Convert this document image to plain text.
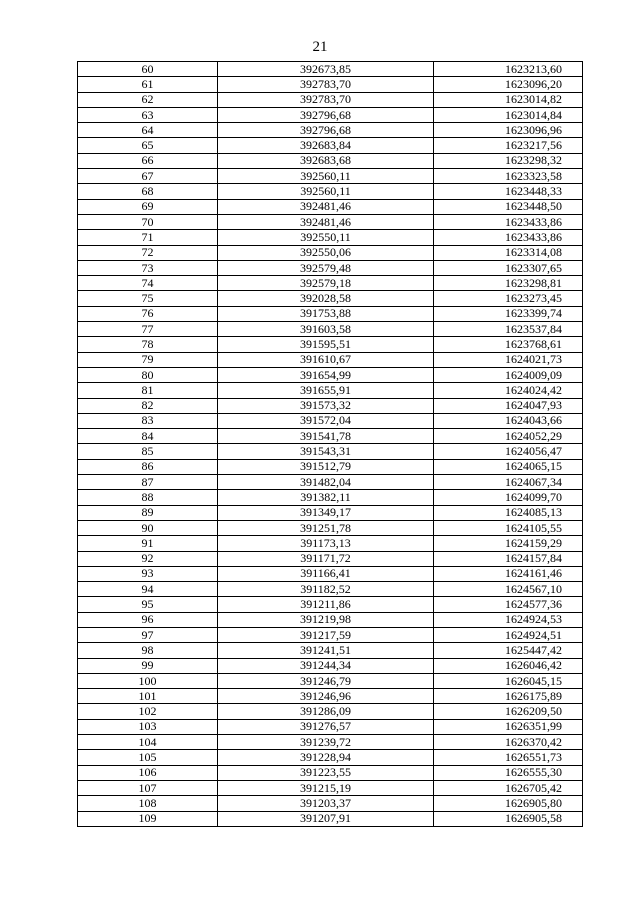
21
60	392673,85	1623213,60
61	392783,70	1623096,20
62	392783,70	1623014,82
63	392796,68	1623014,84
64	392796,68	1623096,96
65	392683,84	1623217,56
66	392683,68	1623298,32
67	392560,11	1623323,58
68	392560,11	1623448,33
69	392481,46	1623448,50
70	392481,46	1623433,86
71	392550,11	1623433,86
72	392550,06	1623314,08
73	392579,48	1623307,65
74	392579,18	1623298,81
75	392028,58	1623273,45
76	391753,88	1623399,74
77	391603,58	1623537,84
78	391595,51	1623768,61
79	391610,67	1624021,73
80	391654,99	1624009,09
81	391655,91	1624024,42
82	391573,32	1624047,93
83	391572,04	1624043,66
84	391541,78	1624052,29
85	391543,31	1624056,47
86	391512,79	1624065,15
87	391482,04	1624067,34
88	391382,11	1624099,70
89	391349,17	1624085,13
90	391251,78	1624105,55
91	391173,13	1624159,29
92	391171,72	1624157,84
93	391166,41	1624161,46
94	391182,52	1624567,10
95	391211,86	1624577,36
96	391219,98	1624924,53
97	391217,59	1624924,51
98	391241,51	1625447,42
99	391244,34	1626046,42
100	391246,79	1626045,15
101	391246,96	1626175,89
102	391286,09	1626209,50
103	391276,57	1626351,99
104	391239,72	1626370,42
105	391228,94	1626551,73
106	391223,55	1626555,30
107	391215,19	1626705,42
108	391203,37	1626905,80
109	391207,91	1626905,58
